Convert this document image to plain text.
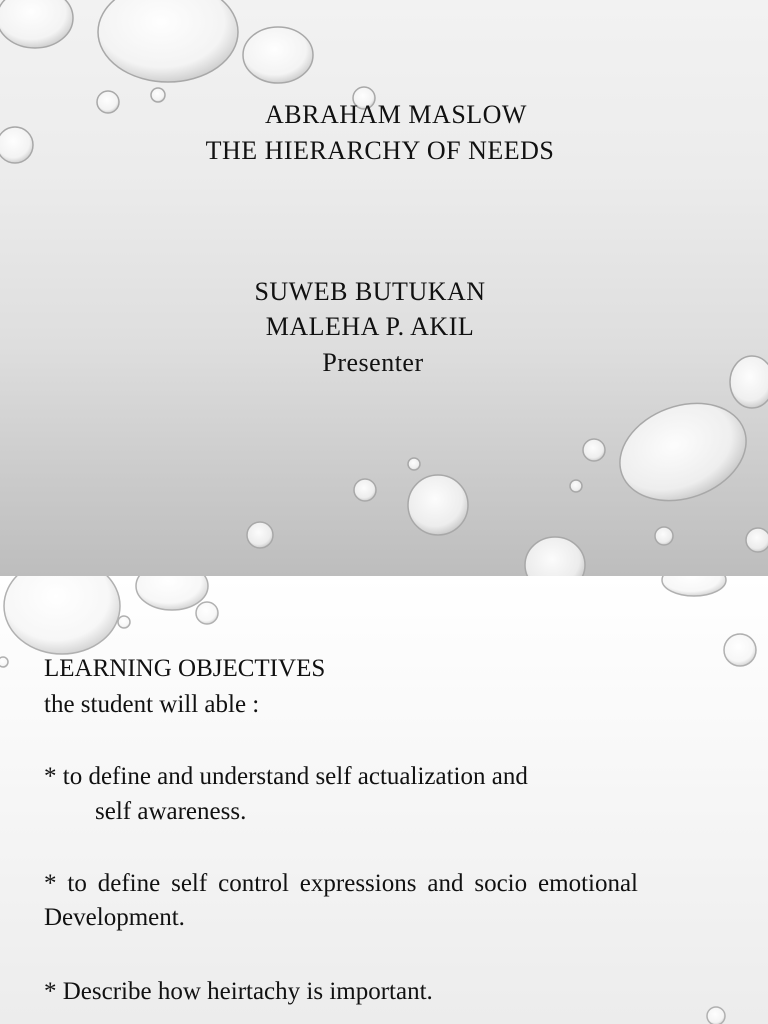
ABRAHAM MASLOW
THE HIERARCHY OF NEEDS
SUWEB BUTUKAN
MALEHA P. AKIL
Presenter

LEARNING OBJECTIVES

the student will able :

* to define and understand self actualization and

self awareness.

* to define self control expressions and socio emotional Development.

* Describe how heirtachy is important.
